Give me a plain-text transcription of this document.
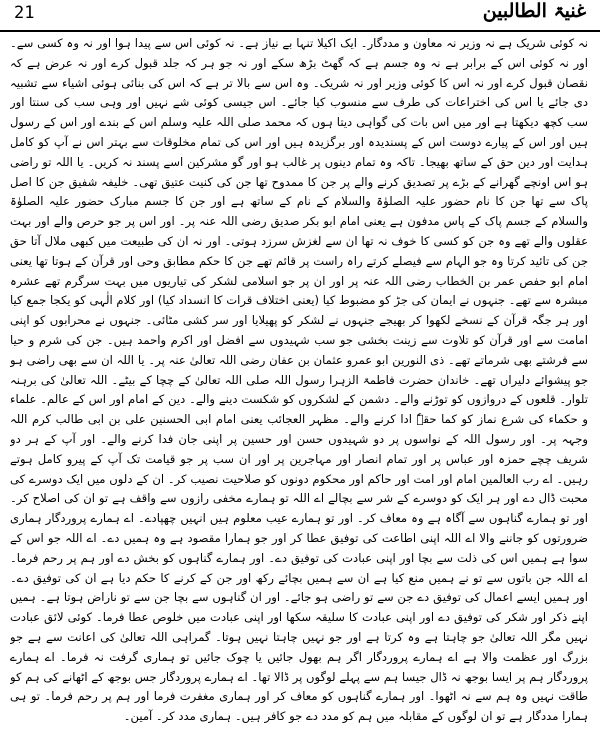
21	غنیۃ الطالبین

نہ کوئی شریک ہے نہ وزیر نہ معاون و مددگار۔ ایک اکیلا تنہا بے نیاز ہے۔ نہ کوئی اس سے پیدا ہوا اور نہ وہ کسی سے۔ اور نہ کوئی اس کے برابر ہے نہ وہ جسم ہے کہ گھٹ بڑھ سکے اور نہ جو ہر کہ جلد قبول کرے اور نہ عرض ہے کہ نقصان قبول کرے اور نہ اس کا کوئی وزیر اور نہ شریک۔ وہ اس سے بالا تر ہے کہ اس کی بنائی ہوئی اشیاء سے تشبیہ دی جائے یا اس کی اختراعات کی طرف سے منسوب کیا جائے۔ اس جیسی کوئی شے نہیں اور وہی سب کی سنتا اور سب کچھ دیکھتا ہے اور میں اس بات کی گواہی دیتا ہوں کہ محمد صلی اللہ علیہ وسلم اس کے بندے اور اس کے رسول ہیں اور اس کے پیارے دوست اس کے پسندیدہ اور برگزیدہ ہیں اور اس کی تمام مخلوقات سے بہتر اس نے آپ کو کامل ہدایت اور دین حق کے ساتھ بھیجا۔ تاکہ وہ تمام دینوں پر غالب ہو اور گو مشرکین اسے پسند نہ کریں۔ یا اللہ تو راضی ہو اس اونچے گھرانے کے بڑے پر تصدیق کرنے والے پر جن کا ممدوح تھا جن کی کنیت عتیق تھی۔ خلیفہ شفیق جن کا اصل پاک سے تھا جن کا نام حضور علیہ الصلوٰۃ والسلام کے نام کے ساتھ ہے اور جن کا جسم مبارک حضور علیہ الصلوٰۃ والسلام کے جسم پاک کے پاس مدفون ہے یعنی امام ابو بکر صدیق رضی اللہ عنہ پر۔ اور اس پر جو حرص والے اور بہت عقلوں والے تھے وہ جن کو کسی کا خوف نہ تھا ان سے لغزش سرزد ہوتی۔ اور نہ ان کی طبیعت میں کبھی ملال آتا حق جن کی تائید کرتا وہ جو الہام سے فیصلے کرتے راہ راست پر قائم تھے جن کا حکم مطابق وحی اور قرآن کے ہوتا تھا یعنی امام ابو حفص عمر بن الخطاب رضی اللہ عنہ پر اور ان پر جو اسلامی لشکر کی تیاریوں میں بہت سرگرم تھے عشرہ مبشرہ سے تھے۔ جنہوں نے ایمان کی جڑ کو مضبوط کیا (یعنی اختلاف قرات کا انسداد کیا) اور کلام الٰہی کو یکجا جمع کیا اور ہر جگہ قرآن کے نسخے لکھوا کر بھیجے جنہوں نے لشکر کو پھیلایا اور سر کشی مٹائی۔ جنہوں نے محرابوں کو اپنی امامت سے اور قرآن کو تلاوت سے زینت بخشی جو سب شہیدوں سے افضل اور اکرم واحمد ہیں۔ جن کی شرم و حیا سے فرشتے بھی شرماتے تھے۔ ذی النورین ابو عمرو عثمان بن عفان رضی اللہ تعالیٰ عنہ پر۔ یا اللہ ان سے بھی راضی ہو جو پیشوائے دلیراں تھے۔ خاندان حضرت فاطمۃ الزہرا رسول اللہ صلی اللہ تعالیٰ کے چچا کے بیٹے۔ اللہ تعالیٰ کی برہنہ تلوار۔ قلعوں کے دروازوں کو توڑنے والے۔ دشمن کے لشکروں کو شکست دینے والے۔ دین کے امام اور اس کے عالم۔ علماء و حکماء کی شرع نماز کو کما حقہٗ ادا کرنے والے۔ مظہر العجائب یعنی امام ابی الحسنین علی بن ابی طالب کرم اللہ وجہہ پر۔ اور رسول اللہ کے نواسوں پر دو شہیدوں حسن اور حسین پر اپنی جان فدا کرنے والے۔ اور آپ کے ہر دو شریف چچے حمزہ اور عباس پر اور تمام انصار اور مہاجرین پر اور ان سب پر جو قیامت تک آپ کے پیرو کامل ہوتے رہیں۔ اے رب العالمین امام اور امت اور حاکم اور محکوم دونوں کو صلاحیت نصیب کر۔ ان کے دلوں میں ایک دوسرے کی محبت ڈال دے اور ہر ایک کو دوسرے کے شر سے بچالے اے اللہ تو ہمارے مخفی رازوں سے واقف ہے تو ان کی اصلاح کر۔ اور تو ہمارے گناہوں سے آگاہ ہے وہ معاف کر۔ اور تو ہمارے عیب معلوم ہیں انہیں چھپادے۔ اے ہمارے پروردگار ہماری ضرورتوں کو جاننے والا اے اللہ اپنی اطاعت کی توفیق عطا کر اور جو ہمارا مقصود ہے وہ ہمیں دے۔ اے اللہ جو اس کے سوا ہے ہمیں اس کی ذلت سے بچا اور اپنی عبادت کی توفیق دے۔ اور ہمارے گناہوں کو بخش دے اور ہم پر رحم فرما۔ اے اللہ جن باتوں سے تو نے ہمیں منع کیا ہے ان سے ہمیں بچائے رکھ اور جن کے کرنے کا حکم دیا ہے ان کی توفیق دے۔ اور ہمیں ایسے اعمال کی توفیق دے جن سے تو راضی ہو جائے۔ اور ان گناہوں سے بچا جن سے تو ناراض ہوتا ہے۔ ہمیں اپنے ذکر اور شکر کی توفیق دے اور اپنی عبادت کا سلیقہ سکھا اور اپنی عبادت میں خلوص عطا فرما۔ کوئی لائق عبادت نہیں مگر اللہ تعالیٰ جو چاہتا ہے وہ کرتا ہے اور جو نہیں چاہتا نہیں ہوتا۔ گمراہی اللہ تعالیٰ کی اعانت سے ہے جو بزرگ اور عظمت والا ہے اے ہمارے پروردگار اگر ہم بھول جائیں یا چوک جائیں تو ہماری گرفت نہ فرما۔ اے ہمارے پروردگار ہم پر ایسا بوجھ نہ ڈال جیسا ہم سے پہلے لوگوں پر ڈالا تھا۔ اے ہمارے پروردگار جس بوجھ کے اٹھانے کی ہم کو طاقت نہیں وہ ہم سے نہ اٹھوا۔ اور ہمارے گناہوں کو معاف کر اور ہماری مغفرت فرما اور ہم پر رحم فرما۔ تو ہی ہمارا مددگار ہے تو ان لوگوں کے مقابلہ میں ہم کو مدد دے جو کافر ہیں۔ ہماری مدد کر۔ آمین۔
